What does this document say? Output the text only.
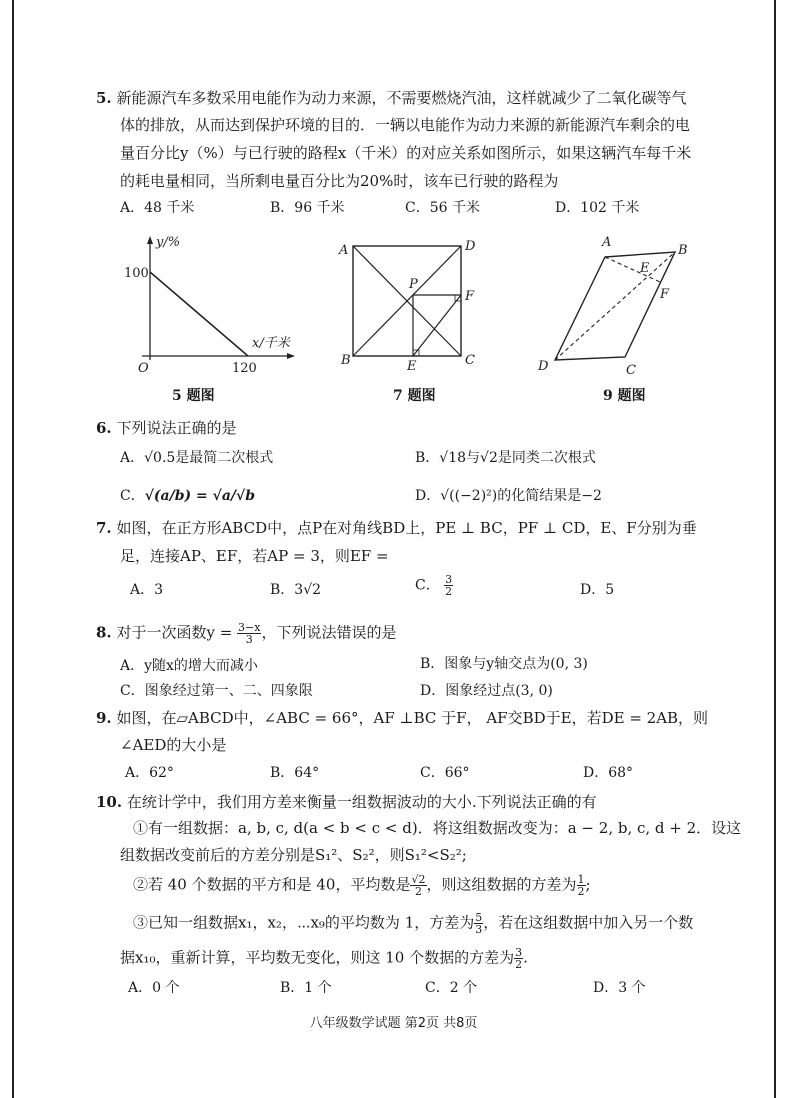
5. 新能源汽车多数采用电能作为动力来源，不需要燃烧汽油，这样就减少了二氧化碳等气
体的排放，从而达到保护环境的目的．一辆以电能作为动力来源的新能源汽车剩余的电
量百分比y（%）与已行驶的路程x（千米）的对应关系如图所示，如果这辆汽车每千米
的耗电量相同，当所剩电量百分比为20%时，该车已行驶的路程为
A．48 千米	B．96 千米	C．56 千米	D．102 千米
y/%
x/千米
100
120
O
5 题图
A	D
P
F
B	E	C
7 题图
A
B
E
F
D	C
9 题图
6. 下列说法正确的是
A．√0.5是最简二次根式	B．√18与√2是同类二次根式
C．√(a/b) = √a/√b	D．√((−2)²)的化简结果是−2
7. 如图，在正方形ABCD中，点P在对角线BD上，PE ⊥ BC，PF ⊥ CD，E、F分别为垂
足，连接AP、EF，若AP = 3，则EF =
A．3	B．3√2	C． $\frac{3}{2}$	D．5
8. 对于一次函数$y = \frac{3-x}{3}$ ，下列说法错误的是
A．y随x的增大而减小	B．图象与y轴交点为(0, 3)
C．图象经过第一、二、四象限	D．图象经过点(3, 0)
9. 如图，在▱ABCD中，∠ABC = 66°，AF ⊥BC 于F， AF交BD于E，若DE = 2AB，则
∠AED的大小是
A．62°	B．64°	C．66°	D．68°
10. 在统计学中，我们用方差来衡量一组数据波动的大小.下列说法正确的有
①有一组数据：a, b, c, d(a < b < c < d)．将这组数据改变为：a − 2, b, c, d + 2．设这
组数据改变前后的方差分别是S₁²、S₂²，则S₁²<S₂²;
②若 40 个数据的平方和是 40，平均数是 $\frac{√2}{2}$ ，则这组数据的方差为 $\frac{1}{2}$ ;
③已知一组数据x₁，x₂，⋯x₉的平均数为 1，方差为 $\frac{5}{3}$ ，若在这组数据中加入另一个数
据x₁₀，重新计算，平均数无变化，则这 10 个数据的方差为 $\frac{3}{2}$ .
A．0 个	B．1 个	C．2 个	D．3 个
八年级数学试题 第2页 共8页
